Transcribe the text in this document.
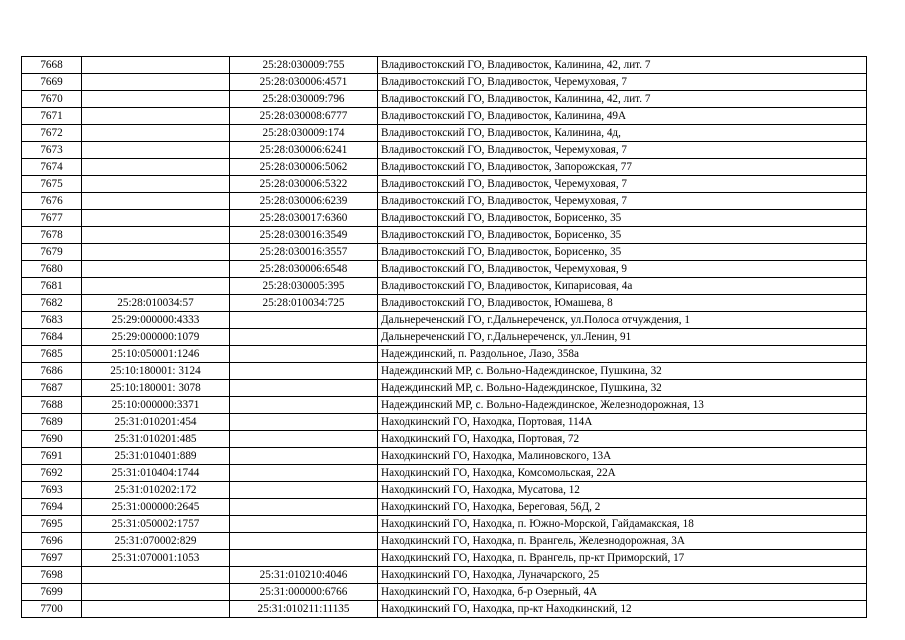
7668		25:28:030009:755	Владивостокский ГО, Владивосток, Калинина, 42, лит. 7
7669		25:28:030006:4571	Владивостокский ГО, Владивосток, Черемуховая, 7
7670		25:28:030009:796	Владивостокский ГО, Владивосток, Калинина, 42, лит. 7
7671		25:28:030008:6777	Владивостокский ГО, Владивосток, Калинина, 49А
7672		25:28:030009:174	Владивостокский ГО, Владивосток, Калинина, 4д,
7673		25:28:030006:6241	Владивостокский ГО, Владивосток, Черемуховая, 7
7674		25:28:030006:5062	Владивостокский ГО, Владивосток, Запорожская, 77
7675		25:28:030006:5322	Владивостокский ГО, Владивосток, Черемуховая, 7
7676		25:28:030006:6239	Владивостокский ГО, Владивосток, Черемуховая, 7
7677		25:28:030017:6360	Владивостокский ГО, Владивосток, Борисенко, 35
7678		25:28:030016:3549	Владивостокский ГО, Владивосток, Борисенко, 35
7679		25:28:030016:3557	Владивостокский ГО, Владивосток, Борисенко, 35
7680		25:28:030006:6548	Владивостокский ГО, Владивосток, Черемуховая, 9
7681		25:28:030005:395	Владивостокский ГО, Владивосток, Кипарисовая, 4а
7682	25:28:010034:57	25:28:010034:725	Владивостокский ГО, Владивосток, Юмашева, 8
7683	25:29:000000:4333		Дальнереченский ГО, г.Дальнереченск, ул.Полоса отчуждения, 1
7684	25:29:000000:1079		Дальнереченский ГО, г.Дальнереченск, ул.Ленин, 91
7685	25:10:050001:1246		Надеждинский, п. Раздольное, Лазо, 358а
7686	25:10:180001: 3124		Надеждинский МР, с. Вольно-Надеждинское, Пушкина, 32
7687	25:10:180001: 3078		Надеждинский МР, с. Вольно-Надеждинское, Пушкина, 32
7688	25:10:000000:3371		Надеждинский МР, с. Вольно-Надеждинское, Железнодорожная, 13
7689	25:31:010201:454		Находкинский ГО, Находка, Портовая, 114А
7690	25:31:010201:485		Находкинский ГО, Находка, Портовая, 72
7691	25:31:010401:889		Находкинский ГО, Находка, Малиновского, 13А
7692	25:31:010404:1744		Находкинский ГО, Находка, Комсомольская, 22А
7693	25:31:010202:172		Находкинский ГО, Находка, Мусатова, 12
7694	25:31:000000:2645		Находкинский ГО, Находка, Береговая, 56Д, 2
7695	25:31:050002:1757		Находкинский ГО, Находка, п. Южно-Морской, Гайдамакская, 18
7696	25:31:070002:829		Находкинский ГО, Находка, п. Врангель, Железнодорожная, 3А
7697	25:31:070001:1053		Находкинский ГО, Находка, п. Врангель, пр-кт Приморский, 17
7698		25:31:010210:4046	Находкинский ГО, Находка, Луначарского, 25
7699		25:31:000000:6766	Находкинский ГО, Находка, б-р Озерный, 4А
7700		25:31:010211:11135	Находкинский ГО, Находка, пр-кт Находкинский, 12
